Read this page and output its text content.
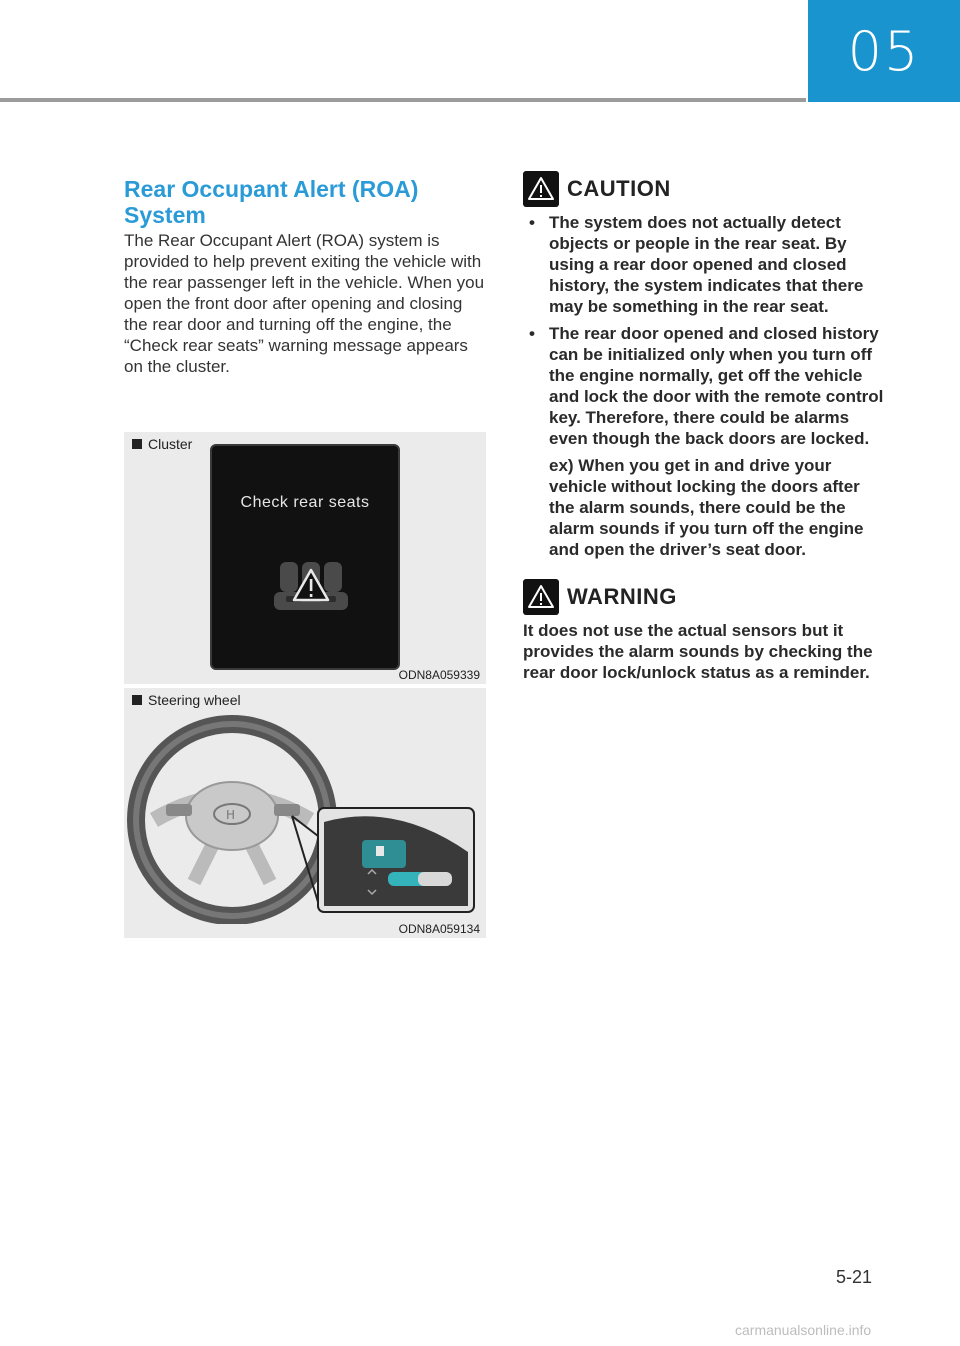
05
Rear Occupant Alert (ROA) System

The Rear Occupant Alert (ROA) system is provided to help prevent exiting the vehicle with the rear passenger left in the vehicle. When you open the front door after opening and closing the rear door and turning off the engine, the “Check rear seats” warning message appears on the cluster.

Cluster
Check rear seats
ODN8A059339
Steering wheel
H
ODN8A059134
CAUTION
• The system does not actually detect objects or people in the rear seat. By using a rear door opened and closed history, the system indicates that there may be something in the rear seat.
• The rear door opened and closed history can be initialized only when you turn off the engine normally, get off the vehicle and lock the door with the remote control key. Therefore, there could be alarms even though the back doors are locked.
ex) When you get in and drive your vehicle without locking the doors after the alarm sounds, there could be the alarm sounds if you turn off the engine and open the driver’s seat door.
WARNING

It does not use the actual sensors but it provides the alarm sounds by checking the rear door lock/unlock status as a reminder.

5-21
carmanualsonline.info
